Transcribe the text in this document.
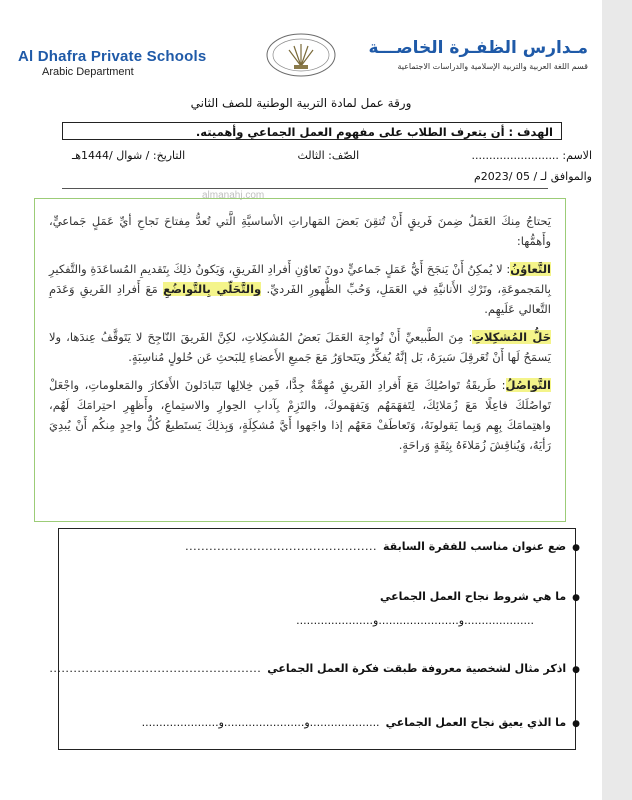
Al Dhafra Private Schools
Arabic Department
مـدارس الظفـرة الخاصـــة
قسم اللغة العربية والتربية الإسلامية والدراسات الاجتماعية
ورقة عمل لمادة التربية الوطنية للصف الثاني
الهدف : أن يتعرف الطلاب على مفهوم العمل الجماعي وأهميته.
الاسم: .........................
الصّف: الثالث
التاريخ: / شوال /1444هـ
والموافق لـ / 05 /2023م
almanahj.com

يَحتاجُ مِنكَ العَمَلُ ضِمنَ فَريقٍ أَنْ تُتقِنَ بَعضَ المَهاراتِ الأساسيَّةِ الَّتي تُعدُّ مِفتاحَ نَجاحِ أيِّ عَمَلٍ جَماعيٍّ، وأَهمُّها:

التَّعاوُنُ: لا يُمكِنُ أَنْ يَنجَحَ أَيُّ عَمَلٍ جَماعيٍّ دونَ تَعاوُنِ أَفرادِ الفَريقِ، وَيَكونُ ذلِكَ بِتَقديمِ المُساعَدَةِ والتَّفكيرِ بِالمَجموعَةِ، وتَرْكِ الأَنانيَّةِ في العَمَلِ، وَحُبِّ الظُّهورِ الفَرديِّ. والتَّحَلّي بِالتَّواضُعِ مَعَ أَفرادِ الفَريقِ وَعَدَمِ التَّعالي عَلَيهِم.

حَلُّ المُشكِلاتِ: مِنَ الطَّبيعيِّ أَنْ تُواجِهَ العَمَلَ بَعضُ المُشكِلاتِ، لكِنَّ الفَريقَ النّاجِحَ لا يَتَوقَّفُ عِندَها، ولا يَسمَحُ لَها أَنْ تُعَرقِلَ سَيرَهُ، بَل إنَّهُ يُفكِّرُ ويَتَحاوَرُ مَعَ جَميعِ الأَعضاءِ لِلبَحثِ عَن حُلولٍ مُناسِبَةٍ.

التَّواصُلُ: طَريقَةُ تَواصُلِكَ مَعَ أَفرادِ الفَريقِ مُهِمَّةٌ جِدًّا، فَمِن خِلالِها تَتَبادَلونَ الأَفكارَ والمَعلوماتِ، واجْعَلْ تَواصُلَكَ فاعِلًا مَعَ زُمَلائِكَ، لِتَفهَمَهُم وَيَفهَموكَ، والتَزِمْ بِآدابِ الحِوارِ والاستِماعِ، وأَظهِرِ احتِرامَكَ لَهُم، واهتِمامَكَ بِهِم وَبِما يَقولونَهُ، وَتَعاطَفْ مَعَهُم إذا واجَهوا أَيَّ مُشكِلَةٍ، وَبِذلِكَ يَستَطيعُ كُلُّ واحِدٍ مِنكُم أَنْ يُبدِيَ رَأيَهُ، وَيُناقِشَ زُمَلاءَهُ بِثِقَةٍ وَراحَةٍ.

●
ضع عنوان مناسب للفقرة السابقة
................................................
●
ما هي شروط نجاح العمل الجماعي
....................و.......................و......................
●
اذكر مثال لشخصية معروفة طبقت فكرة العمل الجماعي
.....................................................
●
ما الذي يعيق نجاح العمل الجماعي
....................و.......................و......................
